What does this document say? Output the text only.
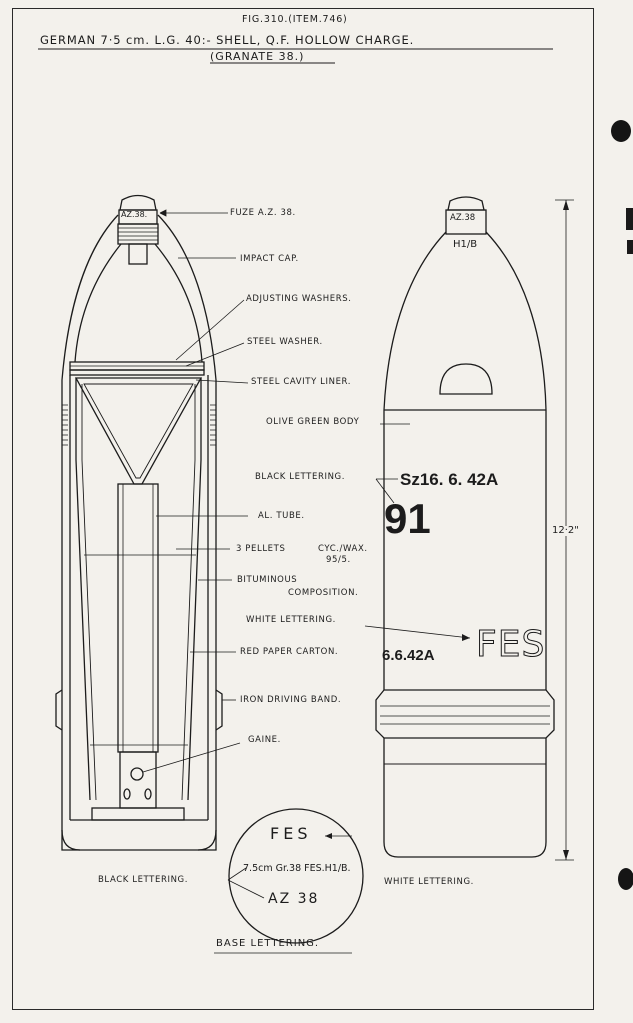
FIG.310.(ITEM.746)
GERMAN 7·5 cm. L.G. 40:- SHELL, Q.F. HOLLOW CHARGE.
(GRANATE 38.)
AZ.38.	FUZE A.Z. 38.
IMPACT CAP.
ADJUSTING WASHERS.
STEEL WASHER.
STEEL CAVITY LINER.
AL. TUBE.
3 PELLETS	CYC./WAX.
95/5.
BITUMINOUS
COMPOSITION.
RED PAPER CARTON.
IRON DRIVING BAND.
GAINE.
AZ.38
H1/B
OLIVE GREEN BODY
BLACK LETTERING.	Sz16. 6. 42A
91
WHITE LETTERING.
6.6.42A FES
12·2"
FES
7.5cm Gr.38 FES.H1/B.
AZ 38
BLACK LETTERING.	WHITE LETTERING.
BASE LETTERING.
